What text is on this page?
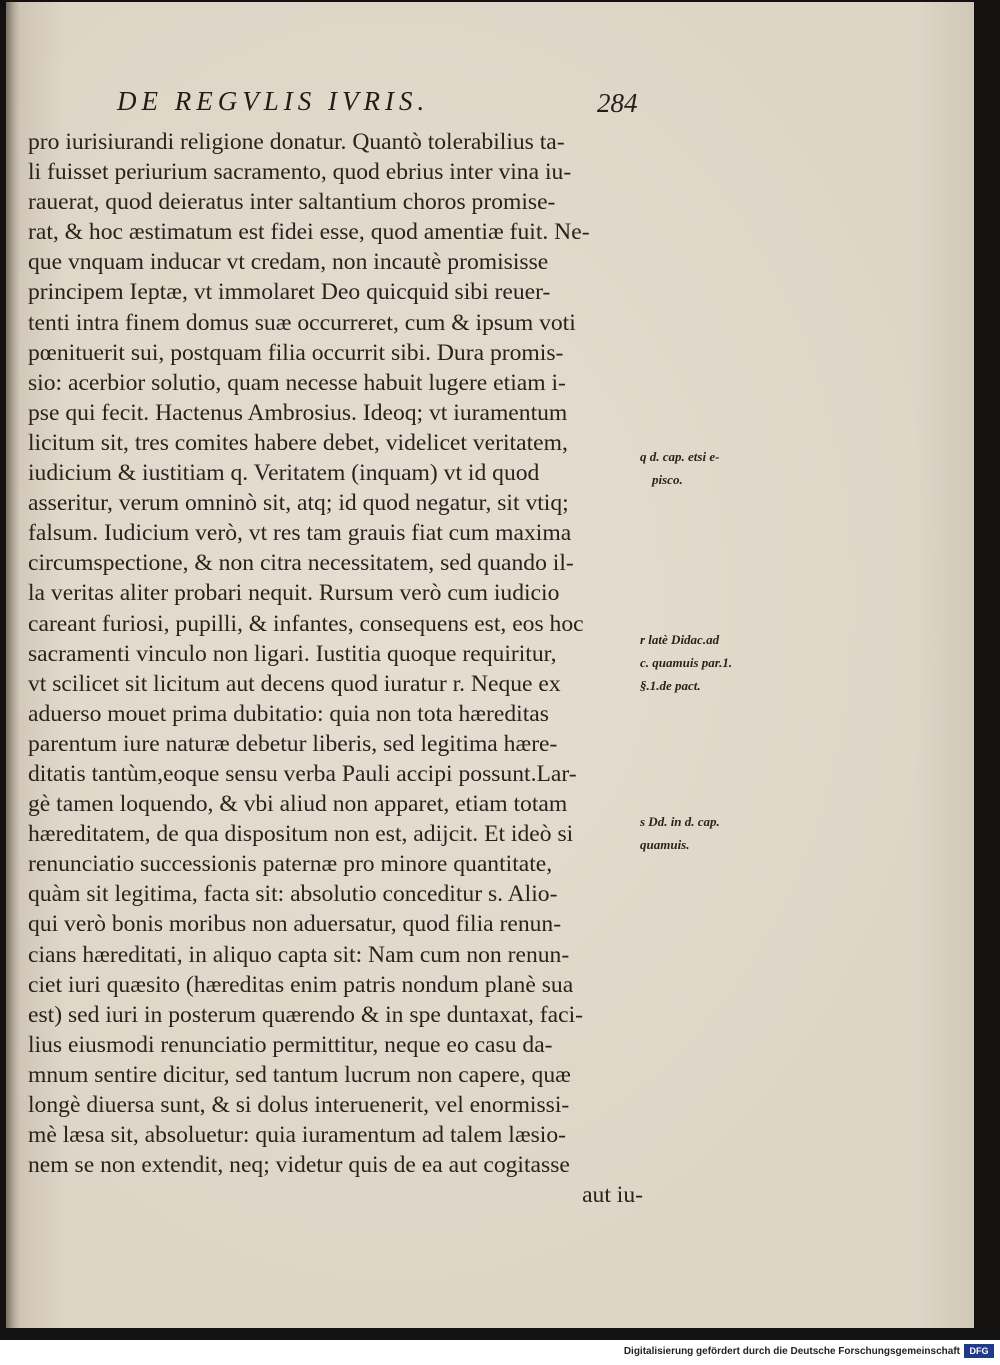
DE REGVLIS IVRIS.	284
pro iurisiurandi religione donatur. Quantò tolerabilius ta-
li fuisset periurium sacramento, quod ebrius inter vina iu-
rauerat, quod deieratus inter saltantium choros promise-
rat, & hoc æstimatum est fidei esse, quod amentiæ fuit. Ne-
que vnquam inducar vt credam, non incautè promisisse
principem Ieptæ, vt immolaret Deo quicquid sibi reuer-
tenti intra finem domus suæ occurreret, cum & ipsum voti
pœnituerit sui, postquam filia occurrit sibi. Dura promis-
sio: acerbior solutio, quam necesse habuit lugere etiam i-
pse qui fecit. Hactenus Ambrosius. Ideoq; vt iuramentum
licitum sit, tres comites habere debet, videlicet veritatem,
iudicium & iustitiam q. Veritatem (inquam) vt id quod
asseritur, verum omninò sit, atq; id quod negatur, sit vtiq;
falsum. Iudicium verò, vt res tam grauis fiat cum maxima
circumspectione, & non citra necessitatem, sed quando il-
la veritas aliter probari nequit. Rursum verò cum iudicio
careant furiosi, pupilli, & infantes, consequens est, eos hoc
sacramenti vinculo non ligari. Iustitia quoque requiritur,
vt scilicet sit licitum aut decens quod iuratur r. Neque ex
aduerso mouet prima dubitatio: quia non tota hæreditas
parentum iure naturæ debetur liberis, sed legitima hære-
ditatis tantùm,eoque sensu verba Pauli accipi possunt.Lar-
gè tamen loquendo, & vbi aliud non apparet, etiam totam
hæreditatem, de qua dispositum non est, adijcit. Et ideò si
renunciatio successionis paternæ pro minore quantitate,
quàm sit legitima, facta sit: absolutio conceditur s. Alio-
qui verò bonis moribus non aduersatur, quod filia renun-
cians hæreditati, in aliquo capta sit: Nam cum non renun-
ciet iuri quæsito (hæreditas enim patris nondum planè sua
est) sed iuri in posterum quærendo & in spe duntaxat, faci-
lius eiusmodi renunciatio permittitur, neque eo casu da-
mnum sentire dicitur, sed tantum lucrum non capere, quæ
longè diuersa sunt, & si dolus interuenerit, vel enormissi-
mè læsa sit, absoluetur: quia iuramentum ad talem læsio-
nem se non extendit, neq; videtur quis de ea aut cogitasse
aut iu-
q d. cap. etsi e-
pisco.
r latè Didac.ad
c. quamuis par.1.
§.1.de pact.
s Dd. in d. cap.
quamuis.
Digitalisierung gefördert durch die Deutsche Forschungsgemeinschaft	DFG
